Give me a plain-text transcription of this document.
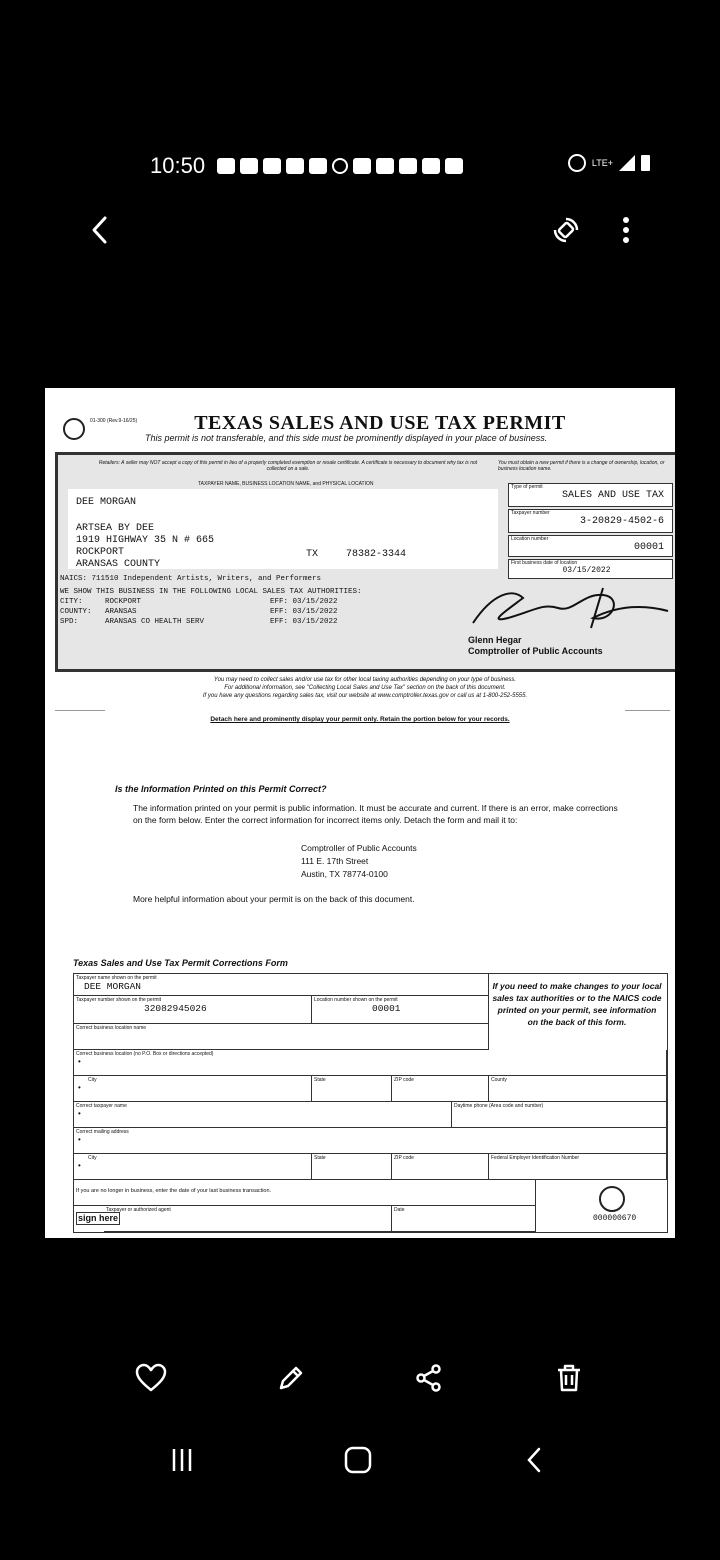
10:50	LTE+
01-300 (Rev.9-16/25)	TEXAS SALES AND USE TAX PERMIT
This permit is not transferable, and this side must be prominently displayed in your place of business.
Retailers: A seller may NOT accept a copy of this permit in lieu of a properly completed exemption or resale certificate. A certificate is necessary to document why tax is not collected on a sale.
You must obtain a new permit if there is a change of ownership, location, or business location name.
TAXPAYER NAME, BUSINESS LOCATION NAME, and PHYSICAL LOCATION
DEE MORGAN
ARTSEA BY DEE
1919 HIGHWAY 35 N # 665
ROCKPORT
ARANSAS COUNTY
TX	78382-3344
NAICS: 711510 Independent Artists, Writers, and Performers
WE SHOW THIS BUSINESS IN THE FOLLOWING LOCAL SALES TAX AUTHORITIES:
CITY:	ROCKPORT	EFF: 03/15/2022
COUNTY:	ARANSAS	EFF: 03/15/2022
SPD:	ARANSAS CO HEALTH SERV	EFF: 03/15/2022
Type of permit
SALES AND USE TAX
Taxpayer number
3-20829-4502-6
Location number
00001
First business date of location
03/15/2022
Glenn Hegar
Comptroller of Public Accounts
You may need to collect sales and/or use tax for other local taxing authorities depending on your type of business.
For additional information, see "Collecting Local Sales and Use Tax" section on the back of this document.
If you have any questions regarding sales tax, visit our website at www.comptroller.texas.gov or call us at 1-800-252-5555.
Detach here and prominently display your permit only. Retain the portion below for your records.
Is the Information Printed on this Permit Correct?
The information printed on your permit is public information. It must be accurate and current. If there is an error, make corrections on the form below. Enter the correct information for incorrect items only. Detach the form and mail it to:
Comptroller of Public Accounts
111 E. 17th Street
Austin, TX 78774-0100
More helpful information about your permit is on the back of this document.
Texas Sales and Use Tax Permit Corrections Form
Taxpayer name shown on the permit
DEE MORGAN
Taxpayer number shown on the permit
32082945026
Location number shown on the permit
00001
If you need to make changes to your local sales tax authorities or to the NAICS code printed on your permit, see information on the back of this form.
Correct business location name
Correct business location (no P.O. Box or directions accepted)
•
City
•
State	ZIP code	County
Correct taxpayer name
•
Daytime phone (Area code and number)
Correct mailing address
•
City
•
State	ZIP code	Federal Employer Identification Number
If you are no longer in business, enter the date of your last business transaction.
Taxpayer or authorized agent	Date
sign here	000000670
